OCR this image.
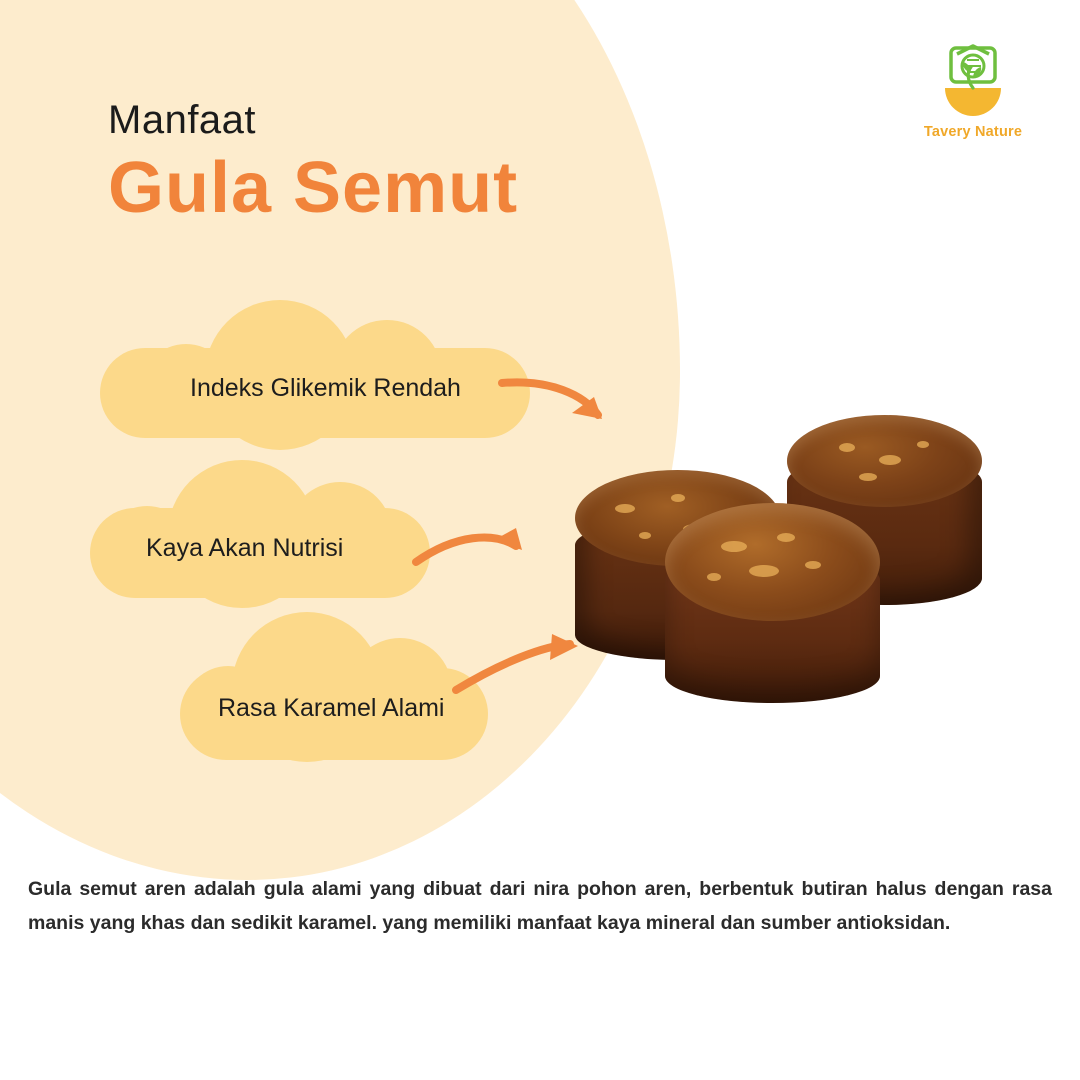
Tavery Nature
Manfaat
Gula Semut
Indeks Glikemik Rendah
Kaya Akan Nutrisi
Rasa Karamel Alami

Gula semut aren adalah gula alami yang dibuat dari nira pohon aren, berbentuk butiran halus dengan rasa manis yang khas dan sedikit karamel. yang memiliki manfaat kaya mineral dan sumber antioksidan.
